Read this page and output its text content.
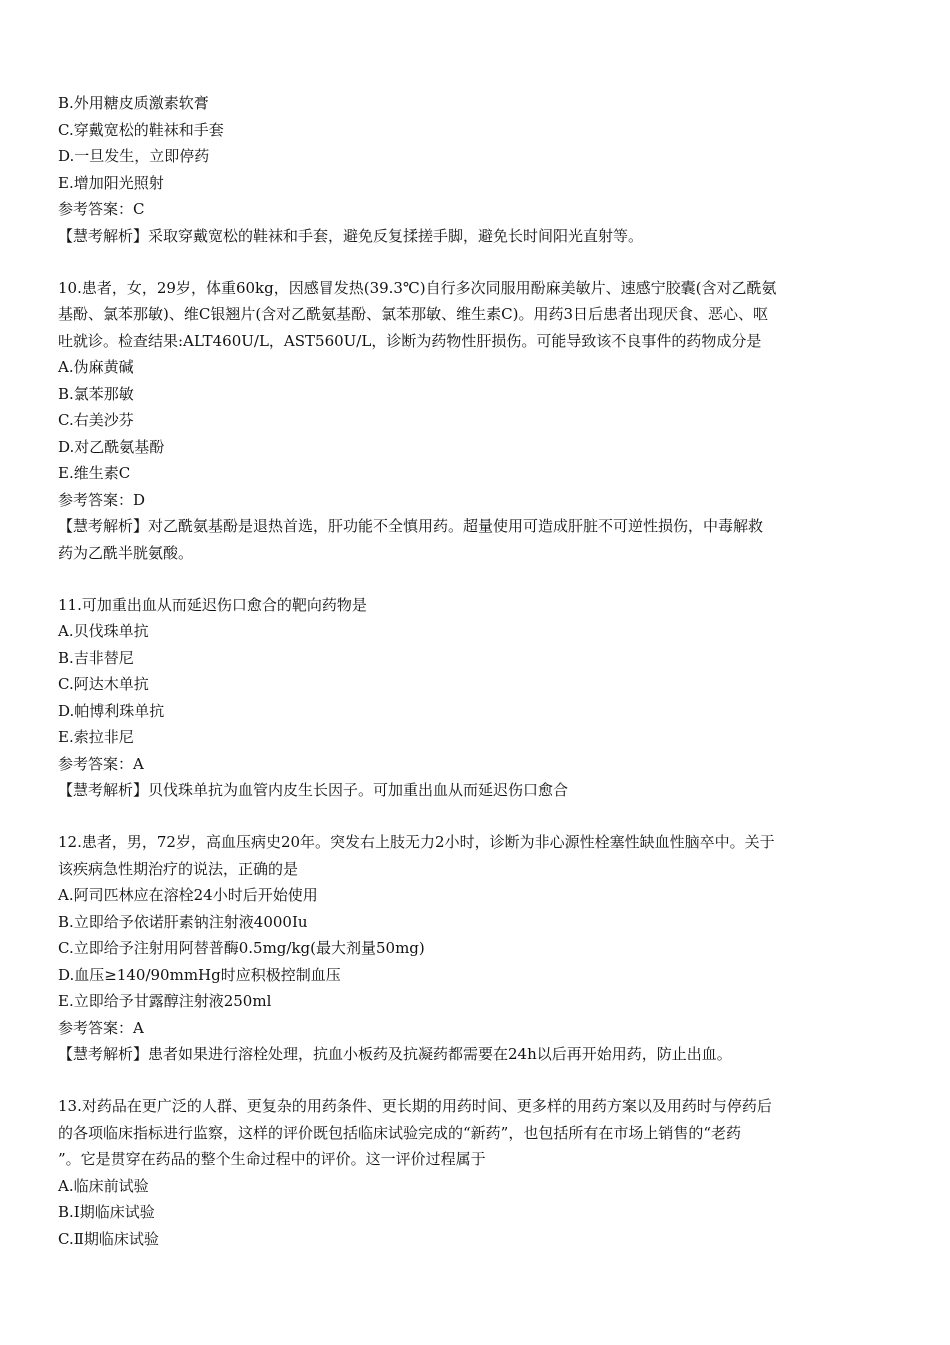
B.外用糖皮质激素软膏

C.穿戴宽松的鞋袜和手套

D.一旦发生，立即停药

E.增加阳光照射

参考答案：C

【慧考解析】采取穿戴宽松的鞋袜和手套，避免反复揉搓手脚，避免长时间阳光直射等。

10.患者，女，29岁，体重60kg，因感冒发热(39.3℃)自行多次同服用酚麻美敏片、速感宁胶囊(含对乙酰氨

基酚、氯苯那敏)、维C银翘片(含对乙酰氨基酚、氯苯那敏、维生素C)。用药3日后患者出现厌食、恶心、呕

吐就诊。检查结果:ALT460U/L，AST560U/L，诊断为药物性肝损伤。可能导致该不良事件的药物成分是

A.伪麻黄碱

B.氯苯那敏

C.右美沙芬

D.对乙酰氨基酚

E.维生素C

参考答案：D

【慧考解析】对乙酰氨基酚是退热首选，肝功能不全慎用药。超量使用可造成肝脏不可逆性损伤，中毒解救

药为乙酰半胱氨酸。

11.可加重出血从而延迟伤口愈合的靶向药物是

A.贝伐珠单抗

B.吉非替尼

C.阿达木单抗

D.帕博利珠单抗

E.索拉非尼

参考答案：A

【慧考解析】贝伐珠单抗为血管内皮生长因子。可加重出血从而延迟伤口愈合

12.患者，男，72岁，高血压病史20年。突发右上肢无力2小时，诊断为非心源性栓塞性缺血性脑卒中。关于

该疾病急性期治疗的说法，正确的是

A.阿司匹林应在溶栓24小时后开始使用

B.立即给予依诺肝素钠注射液4000Iu

C.立即给予注射用阿替普酶0.5mg/kg(最大剂量50mg)

D.血压≥140/90mmHg时应积极控制血压

E.立即给予甘露醇注射液250ml

参考答案：A

【慧考解析】患者如果进行溶栓处理，抗血小板药及抗凝药都需要在24h以后再开始用药，防止出血。

13.对药品在更广泛的人群、更复杂的用药条件、更长期的用药时间、更多样的用药方案以及用药时与停药后

的各项临床指标进行监察，这样的评价既包括临床试验完成的“新药”，也包括所有在市场上销售的“老药

”。它是贯穿在药品的整个生命过程中的评价。这一评价过程属于

A.临床前试验

B.Ⅰ期临床试验

C.Ⅱ期临床试验
